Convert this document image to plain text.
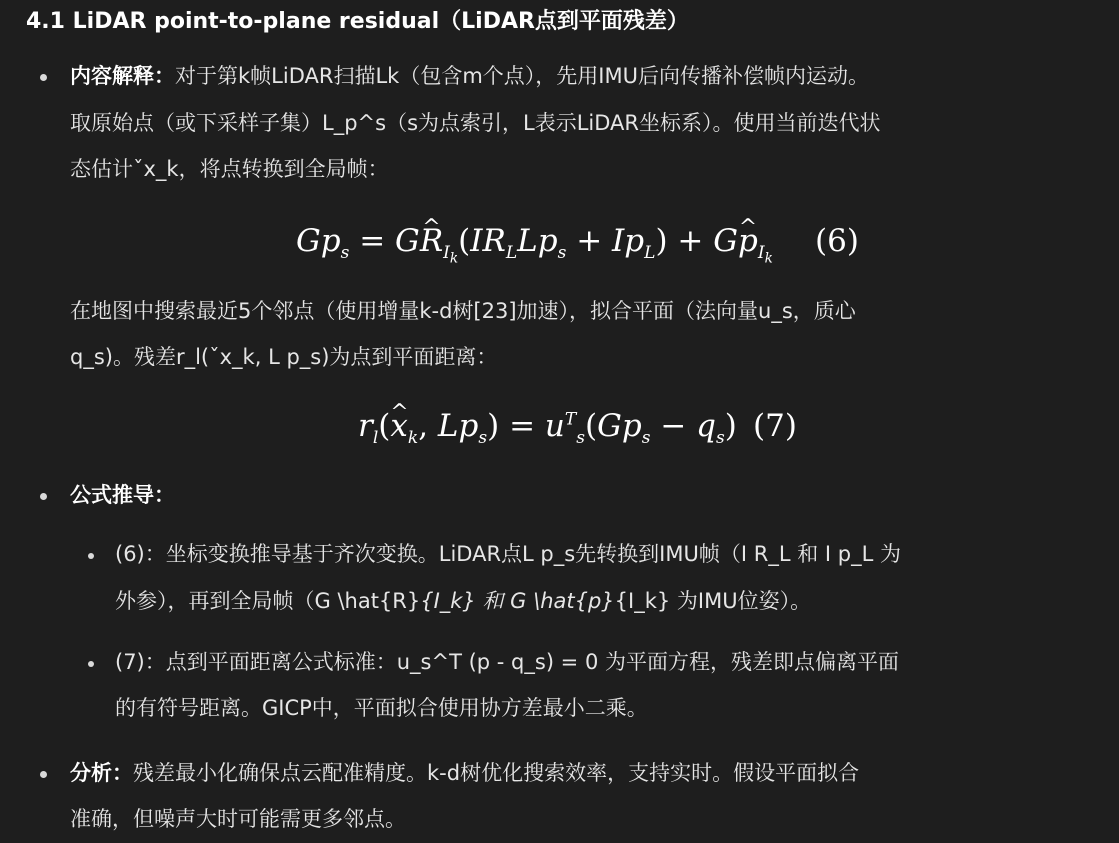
4.1 LiDAR point-to-plane residual（LiDAR点到平面残差）
内容解释：对于第k帧LiDAR扫描Lk（包含m个点），先用IMU后向传播补偿帧内运动。
取原始点（或下采样子集）L_p^s（s为点索引，L表示LiDAR坐标系）。使用当前迭代状
态估计ˇx_k，将点转换到全局帧：
$Gp_s$ = G^ $R_{I_k}(IR_LLp_s + Ip_L)$ + G^ $p_{I_k}$ (6)
在地图中搜索最近5个邻点（使用增量k-d树[23]加速），拟合平面（法向量u_s，质心
q_s)。残差r_l(ˇx_k, L p_s)为点到平面距离：
$r_l(\^{}$ $x_k$, $Lp_s) = u^T_s(Gp_s - q_s)$ (7)
公式推导：
(6)：坐标变换推导基于齐次变换。LiDAR点L p_s先转换到IMU帧（I R_L 和 I p_L 为
外参），再到全局帧（G \hat{R}{I_k} 和 G \hat{p}{I_k} 为IMU位姿）。
(7)：点到平面距离公式标准：u_s^T (p - q_s) = 0 为平面方程，残差即点偏离平面
的有符号距离。GICP中，平面拟合使用协方差最小二乘。
分析：残差最小化确保点云配准精度。k-d树优化搜索效率，支持实时。假设平面拟合
准确，但噪声大时可能需更多邻点。
